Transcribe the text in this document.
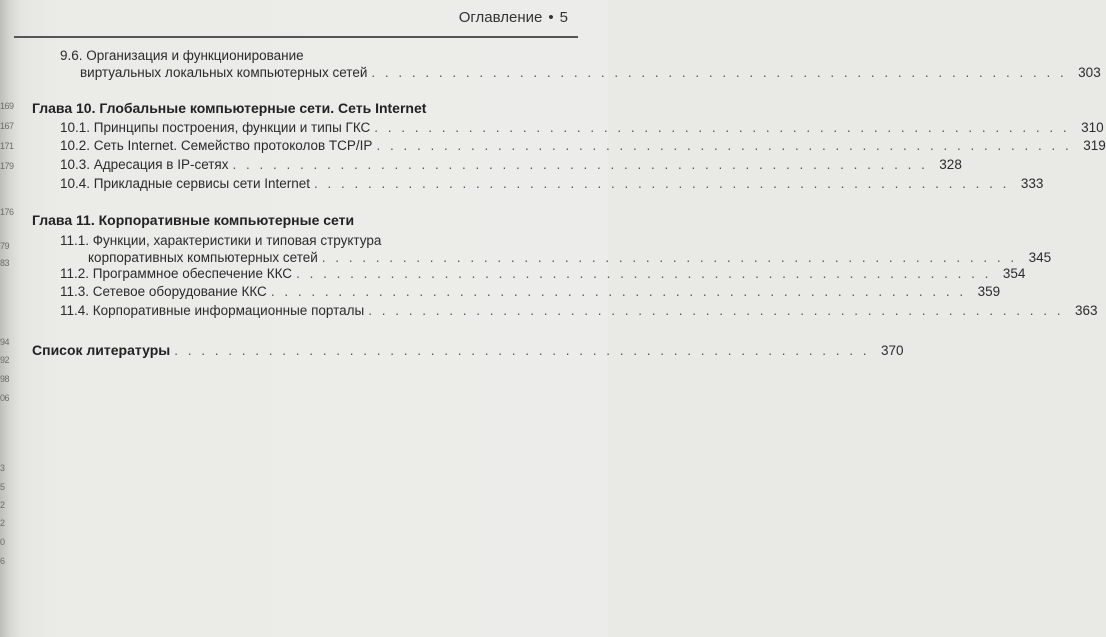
169
167
171
179
176
79
83
94
92
98
06
3
5
2
2
0
6
Оглавление • 5
9.6. Организация и функционирование
виртуальных локальных компьютерных сетей . . . . . . . . . . . . . . . . . . . . . . . . . . . . . . . . . . . . . . . . . . . . . . . . . . . . 303
Глава 10. Глобальные компьютерные сети. Сеть Internet
10.1. Принципы построения, функции и типы ГКС . . . . . . . . . . . . . . . . . . . . . . . . . . . . . . . . . . . . . . . . . . . . . . . . . . . . 310
10.2. Сеть Internet. Семейство протоколов TCP/IP . . . . . . . . . . . . . . . . . . . . . . . . . . . . . . . . . . . . . . . . . . . . . . . . . . . . 319
10.3. Адресация в IP-сетях . . . . . . . . . . . . . . . . . . . . . . . . . . . . . . . . . . . . . . . . . . . . . . . . . . . . 328
10.4. Прикладные сервисы сети Internet . . . . . . . . . . . . . . . . . . . . . . . . . . . . . . . . . . . . . . . . . . . . . . . . . . . . 333
Глава 11. Корпоративные компьютерные сети
11.1. Функции, характеристики и типовая структура
корпоративных компьютерных сетей . . . . . . . . . . . . . . . . . . . . . . . . . . . . . . . . . . . . . . . . . . . . . . . . . . . . 345
11.2. Программное обеспечение ККС . . . . . . . . . . . . . . . . . . . . . . . . . . . . . . . . . . . . . . . . . . . . . . . . . . . . 354
11.3. Сетевое оборудование ККС . . . . . . . . . . . . . . . . . . . . . . . . . . . . . . . . . . . . . . . . . . . . . . . . . . . . 359
11.4. Корпоративные информационные порталы . . . . . . . . . . . . . . . . . . . . . . . . . . . . . . . . . . . . . . . . . . . . . . . . . . . . 363
Список литературы . . . . . . . . . . . . . . . . . . . . . . . . . . . . . . . . . . . . . . . . . . . . . . . . . . . . 370
